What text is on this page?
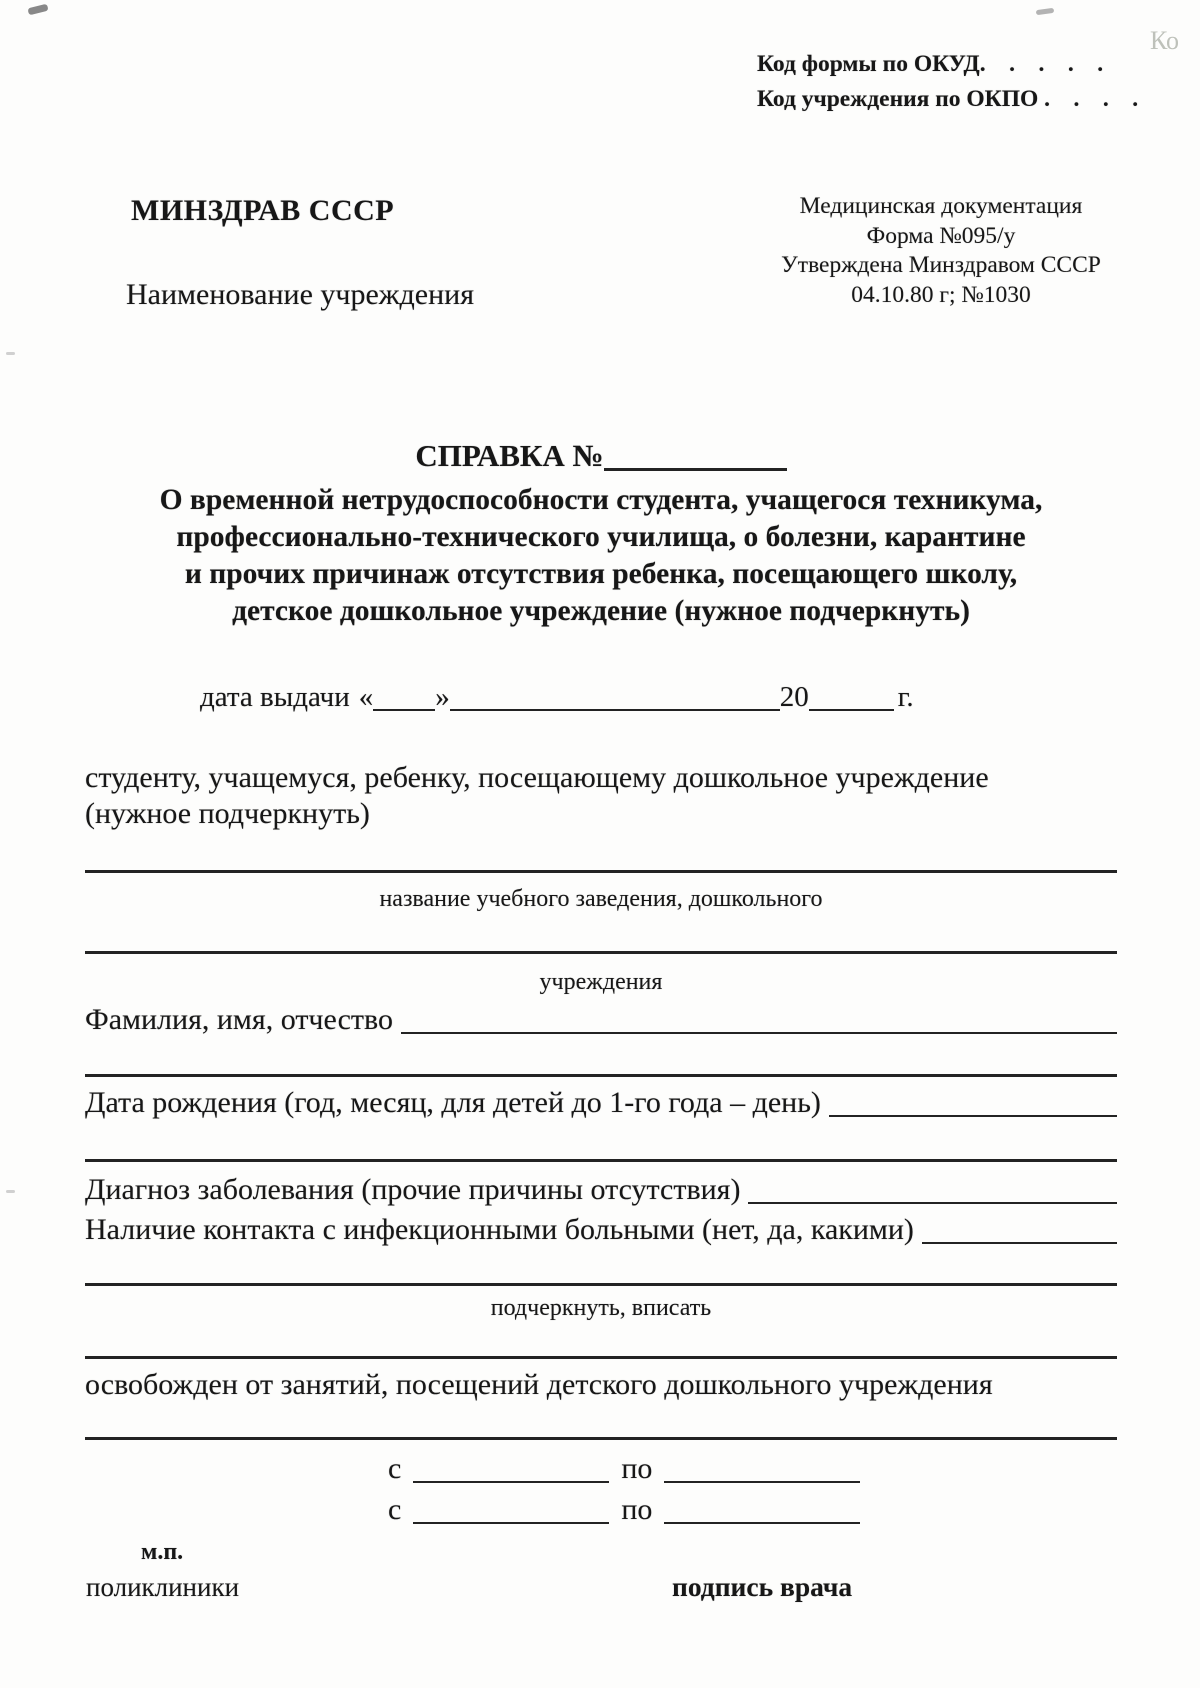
Ко
Код формы по ОКУД.    .    .    .    .
Код учреждения по ОКПО .    .    .    .
МИНЗДРАВ СССР
Наименование учреждения
Медицинская документация
Форма №095/у
Утверждена Минздравом СССР
04.10.80 г; №1030
СПРАВКА №
О временной нетрудоспособности студента, учащегося техникума,
профессионально-технического училища, о болезни, карантине
и прочих причинаж отсутствия ребенка, посещающего школу,
детское дошкольное учреждение (нужное подчеркнуть)
дата выдачи « »	20	г.
студенту, учащемуся, ребенку, посещающему дошкольное учреждение
(нужное подчеркнуть)
название учебного заведения, дошкольного
учреждения
Фамилия, имя, отчество
Дата рождения (год, месяц, для детей до 1-го года – день)
Диагноз заболевания (прочие причины отсутствия)
Наличие контакта с инфекционными больными (нет, да, какими)
подчеркнуть, вписать
освобожден от занятий, посещений детского дошкольного учреждения
с	по
с	по
м.п.
поликлиники	подпись врача
